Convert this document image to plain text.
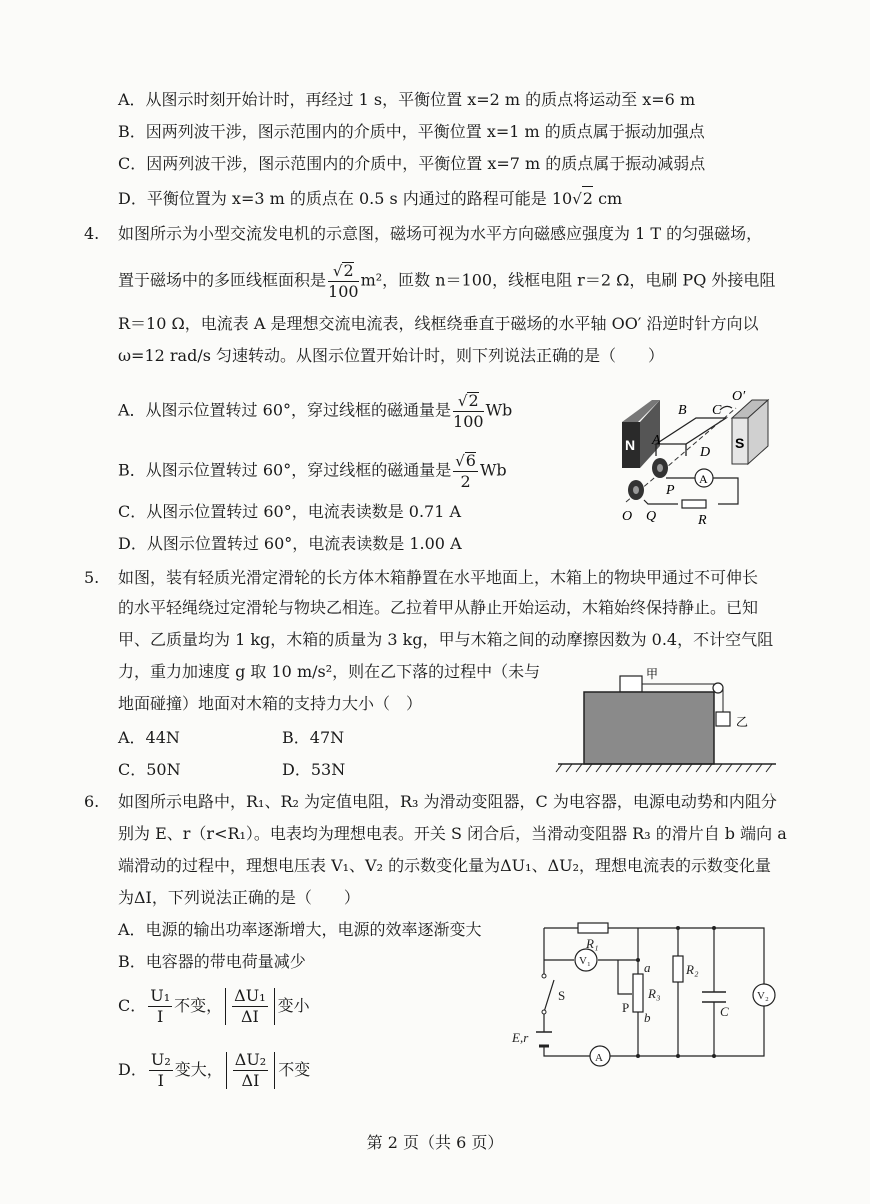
A．从图示时刻开始计时，再经过 1 s，平衡位置 x=2 m 的质点将运动至 x=6 m
B．因两列波干涉，图示范围内的介质中，平衡位置 x=1 m 的质点属于振动加强点
C．因两列波干涉，图示范围内的介质中，平衡位置 x=7 m 的质点属于振动减弱点
D．平衡位置为 x=3 m 的质点在 0.5 s 内通过的路程可能是 10√2 cm
4. 如图所示为小型交流发电机的示意图，磁场可视为水平方向磁感应强度为 1 T 的匀强磁场，
置于磁场中的多匝线框面积是 $\frac{√2}{100} m^2$，匝数 n＝100，线框电阻 r＝2 Ω，电刷 PQ 外接电阻
R＝10 Ω，电流表 A 是理想交流电流表，线框绕垂直于磁场的水平轴 OO′ 沿逆时针方向以
ω=12 rad/s 匀速转动。从图示位置开始计时，则下列说法正确的是（　　）
A．从图示位置转过 60°，穿过线框的磁通量是 $\frac{√2}{100}$ Wb
B．从图示位置转过 60°，穿过线框的磁通量是 $\frac{√6}{2}$ Wb
C．从图示位置转过 60°，电流表读数是 0.71 A
D．从图示位置转过 60°，电流表读数是 1.00 A
O′
B C
N A
D
S
P
A
O Q	R
5. 如图，装有轻质光滑定滑轮的长方体木箱静置在水平地面上，木箱上的物块甲通过不可伸长
的水平轻绳绕过定滑轮与物块乙相连。乙拉着甲从静止开始运动，木箱始终保持静止。已知
甲、乙质量均为 1 kg，木箱的质量为 3 kg，甲与木箱之间的动摩擦因数为 0.4，不计空气阻
力，重力加速度 g 取 10 m/s²，则在乙下落的过程中（未与
地面碰撞）地面对木箱的支持力大小（　）
A．44N	B．47N
C．50N	D．53N
甲
乙
6. 如图所示电路中，R₁、R₂ 为定值电阻，R₃ 为滑动变阻器，C 为电容器，电源电动势和内阻分
别为 E、r（r<R₁）。电表均为理想电表。开关 S 闭合后，当滑动变阻器 R₃ 的滑片自 b 端向 a
端滑动的过程中，理想电压表 V₁、V₂ 的示数变化量为ΔU₁、ΔU₂，理想电流表的示数变化量
为ΔI，下列说法正确的是（　　）
A．电源的输出功率逐渐增大，电源的效率逐渐变大
B．电容器的带电荷量减少
C． $\frac{\text{U₁}}{I}$ 不变， $\frac{\text{ΔU₁}}{\Delta I}$ 变小
D． $\frac{\text{U₂}}{I}$ 变大， $\frac{\text{ΔU₂}}{\Delta I}$ 不变
R₁
V₁	a	R₂
R₃	V₂
S
P
b	C
E,r
A
第 2 页（共 6 页）
